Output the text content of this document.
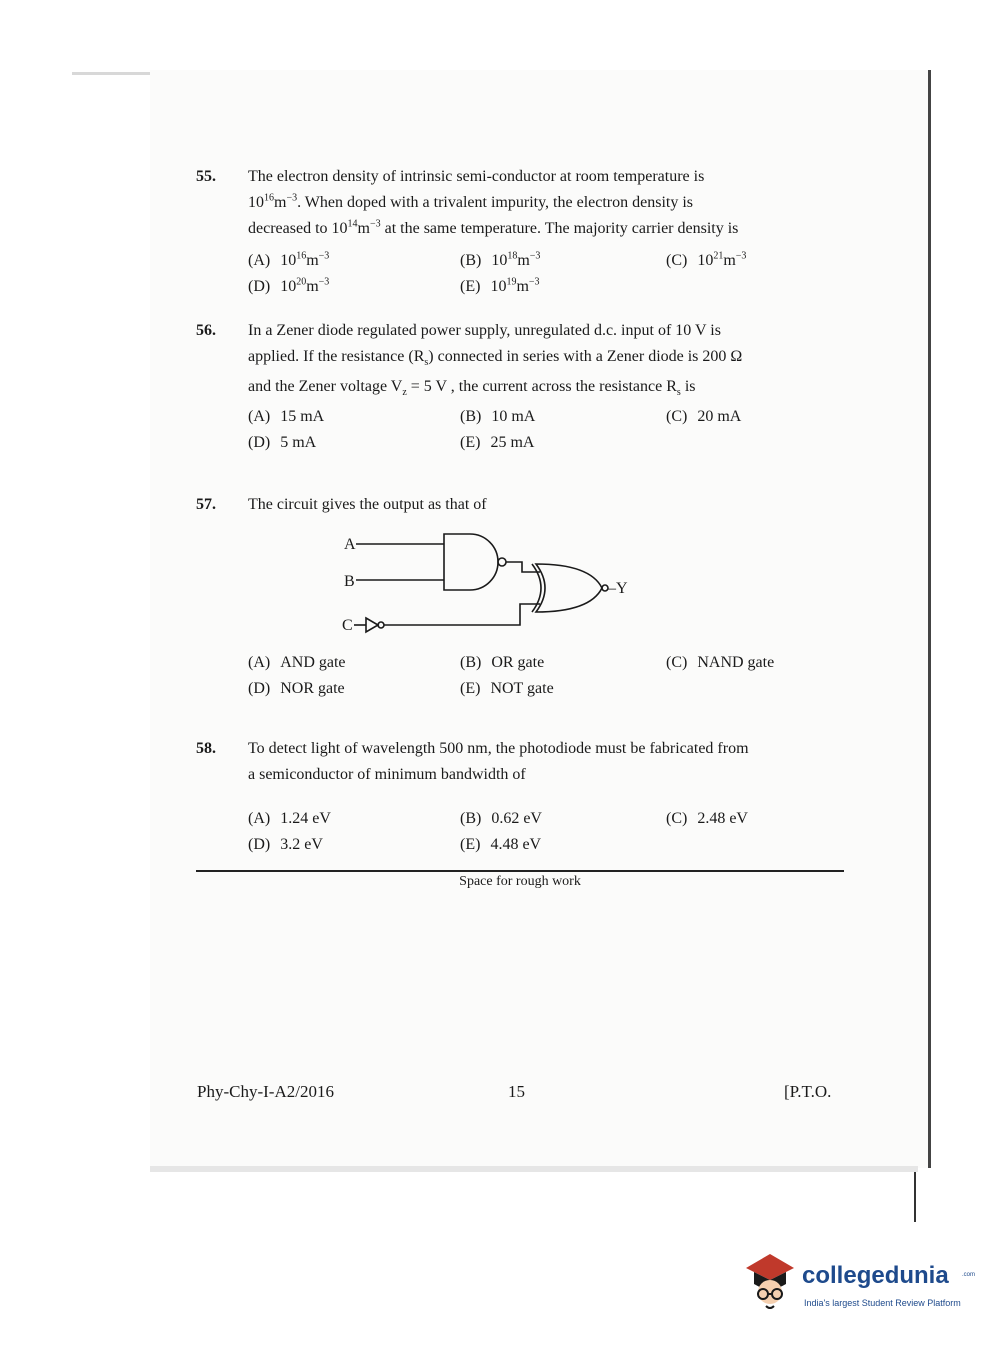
55. The electron density of intrinsic semi-conductor at room temperature is
$10^{16}m^{-3}$. When doped with a trivalent impurity, the electron density is
decreased to $10^{14}m^{-3}$ at the same temperature. The majority carrier density is
(A) $10^{16}m^{-3}$	(B) $10^{18}m^{-3}$	(C) $10^{21}m^{-3}$
(D) $10^{20}m^{-3}$	(E) $10^{19}m^{-3}$
56. In a Zener diode regulated power supply, unregulated d.c. input of 10 V is
applied. If the resistance $(R_s)$ connected in series with a Zener diode is 200 Ω
and the Zener voltage $V_z = 5$ V , the current across the resistance $R_s$ is
(A) 15 mA	(B) 10 mA	(C) 20 mA
(D) 5 mA	(E) 25 mA
57. The circuit gives the output as that of
(A) AND gate	(B) OR gate	(C) NAND gate
(D) NOR gate	(E) NOT gate
A
B
C
–Y
58. To detect light of wavelength 500 nm, the photodiode must be fabricated from
a semiconductor of minimum bandwidth of
(A) 1.24 eV	(B) 0.62 eV	(C) 2.48 eV
(D) 3.2 eV	(E) 4.48 eV
Space for rough work
Phy-Chy-I-A2/2016	15	[P.T.O.
collegedunia .com
India's largest Student Review Platform
